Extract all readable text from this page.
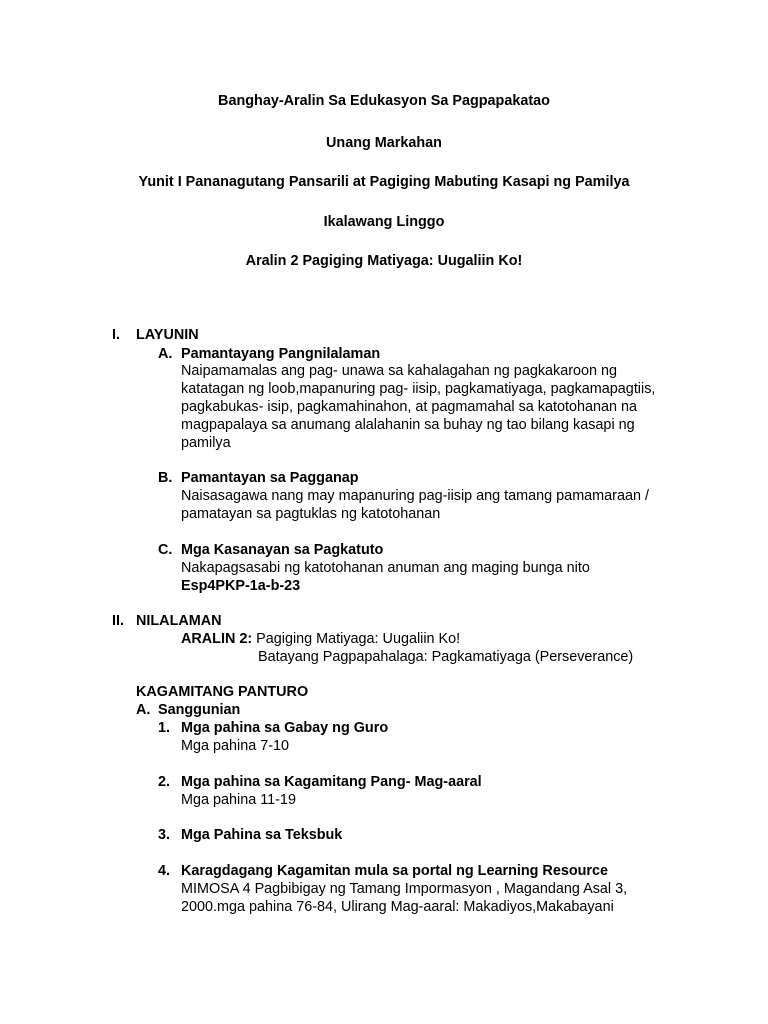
Banghay-Aralin Sa Edukasyon Sa Pagpapakatao
Unang Markahan
Yunit I Pananagutang Pansarili at Pagiging Mabuting Kasapi ng Pamilya
Ikalawang Linggo
Aralin 2 Pagiging Matiyaga: Uugaliin Ko!
I. LAYUNIN
A. Pamantayang Pangnilalaman
Naipamamalas ang pag- unawa sa kahalagahan ng pagkakaroon ng
katatagan ng loob,mapanuring pag- iisip, pagkamatiyaga, pagkamapagtiis,
pagkabukas- isip, pagkamahinahon, at pagmamahal sa katotohanan na
magpapalaya sa anumang alalahanin sa buhay ng tao bilang kasapi ng
pamilya
B. Pamantayan sa Pagganap
Naisasagawa nang may mapanuring pag-iisip ang tamang pamamaraan /
pamatayan sa pagtuklas ng katotohanan
C. Mga Kasanayan sa Pagkatuto
Nakapagsasabi ng katotohanan anuman ang maging bunga nito
Esp4PKP-1a-b-23
II. NILALAMAN
ARALIN 2: Pagiging Matiyaga: Uugaliin Ko!
Batayang Pagpapahalaga: Pagkamatiyaga (Perseverance)
KAGAMITANG PANTURO
A. Sanggunian
1. Mga pahina sa Gabay ng Guro
Mga pahina 7-10
2. Mga pahina sa Kagamitang Pang- Mag-aaral
Mga pahina 11-19
3. Mga Pahina sa Teksbuk
4. Karagdagang Kagamitan mula sa portal ng Learning Resource
MIMOSA 4 Pagbibigay ng Tamang Impormasyon , Magandang Asal 3,
2000.mga pahina 76-84, Ulirang Mag-aaral: Makadiyos,Makabayani
